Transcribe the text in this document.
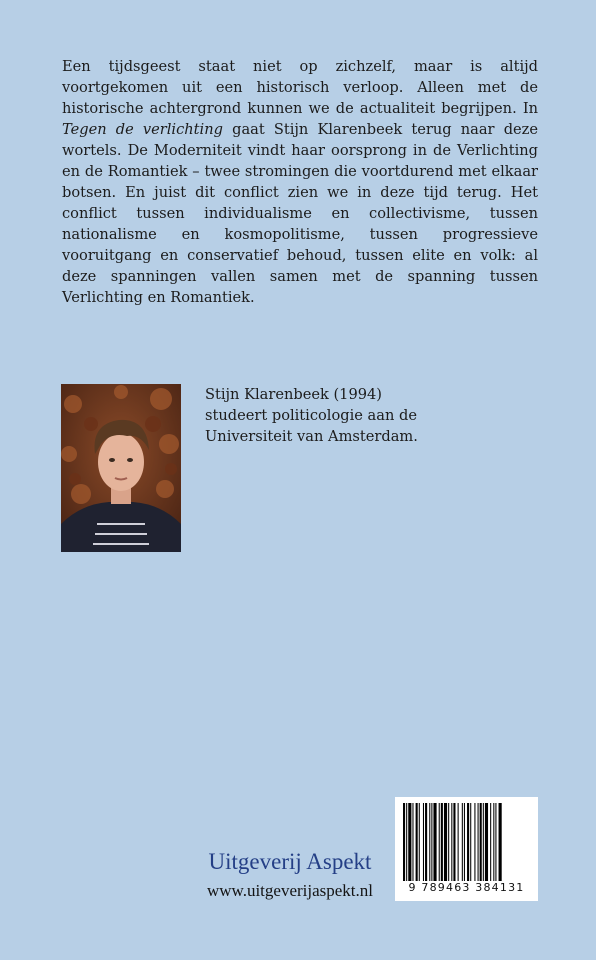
Een tijdsgeest staat niet op zichzelf, maar is altijd voortgekomen uit een historisch verloop. Alleen met de historische achtergrond kunnen we de actualiteit begrijpen. In Tegen de verlichting gaat Stijn Klarenbeek terug naar deze wortels. De Moderniteit vindt haar oorsprong in de Verlichting en de Romantiek – twee stromingen die voortdurend met elkaar botsen. En juist dit conflict zien we in deze tijd terug. Het conflict tussen individualisme en collectivisme, tussen nationalisme en kosmopolitisme, tussen progressieve vooruitgang en conservatief behoud, tussen elite en volk: al deze spanningen vallen samen met de spanning tussen Verlichting en Romantiek.

Stijn Klarenbeek (1994) studeert politicologie aan de Universiteit van Amsterdam.

Uitgeverij Aspekt
www.uitgeverijaspekt.nl	9 789463 384131
